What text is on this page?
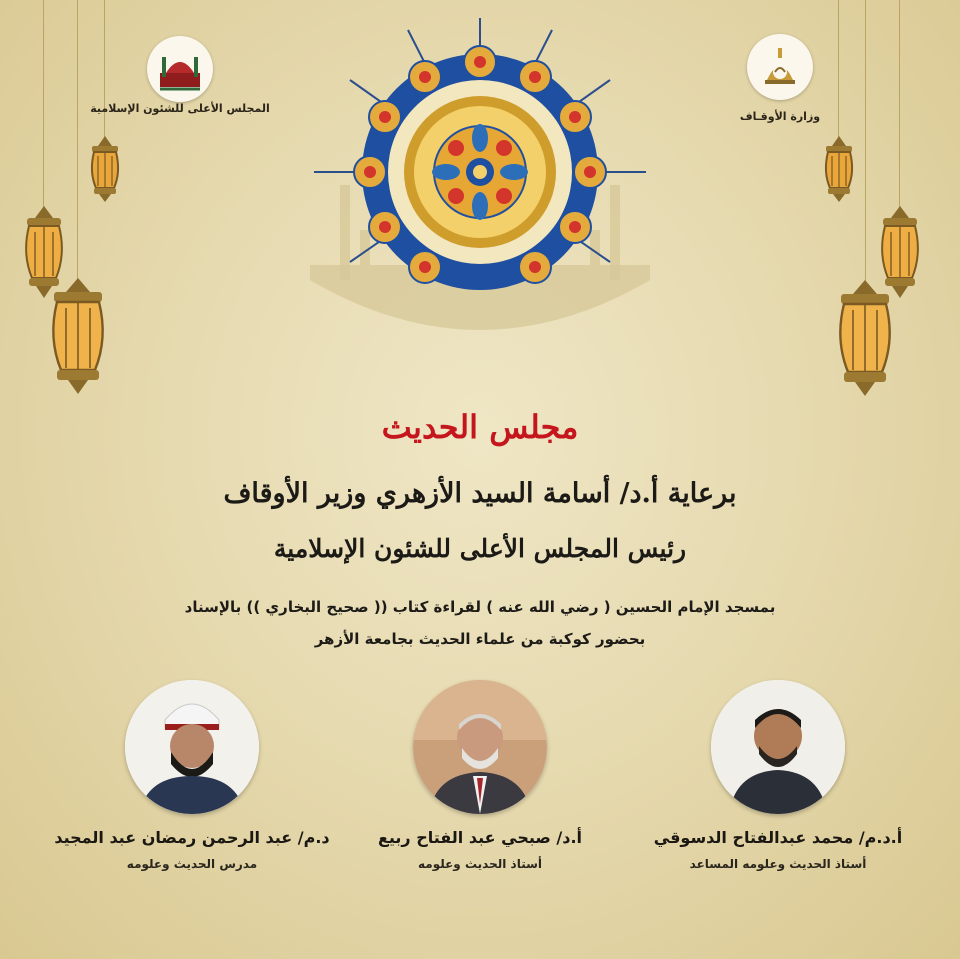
المجلس الأعلى للشئون الإسلامية
وزارة الأوقـاف
مجلس الحديث
برعاية أ.د/ أسامة السيد الأزهري وزير الأوقاف
رئيس المجلس الأعلى للشئون الإسلامية
بمسجد الإمام الحسين ( رضي الله عنه ) لقراءة كتاب (( صحيح البخاري )) بالإسناد
بحضور كوكبة من علماء الحديث بجامعة الأزهر
أ.د.م/ محمد عبدالفتاح الدسوقي
أستاذ الحديث وعلومه المساعد
أ.د/ صبحي عبد الفتاح ربيع
أستاذ الحديث وعلومه
د.م/ عبد الرحمن رمضان عبد المجيد
مدرس الحديث وعلومه
